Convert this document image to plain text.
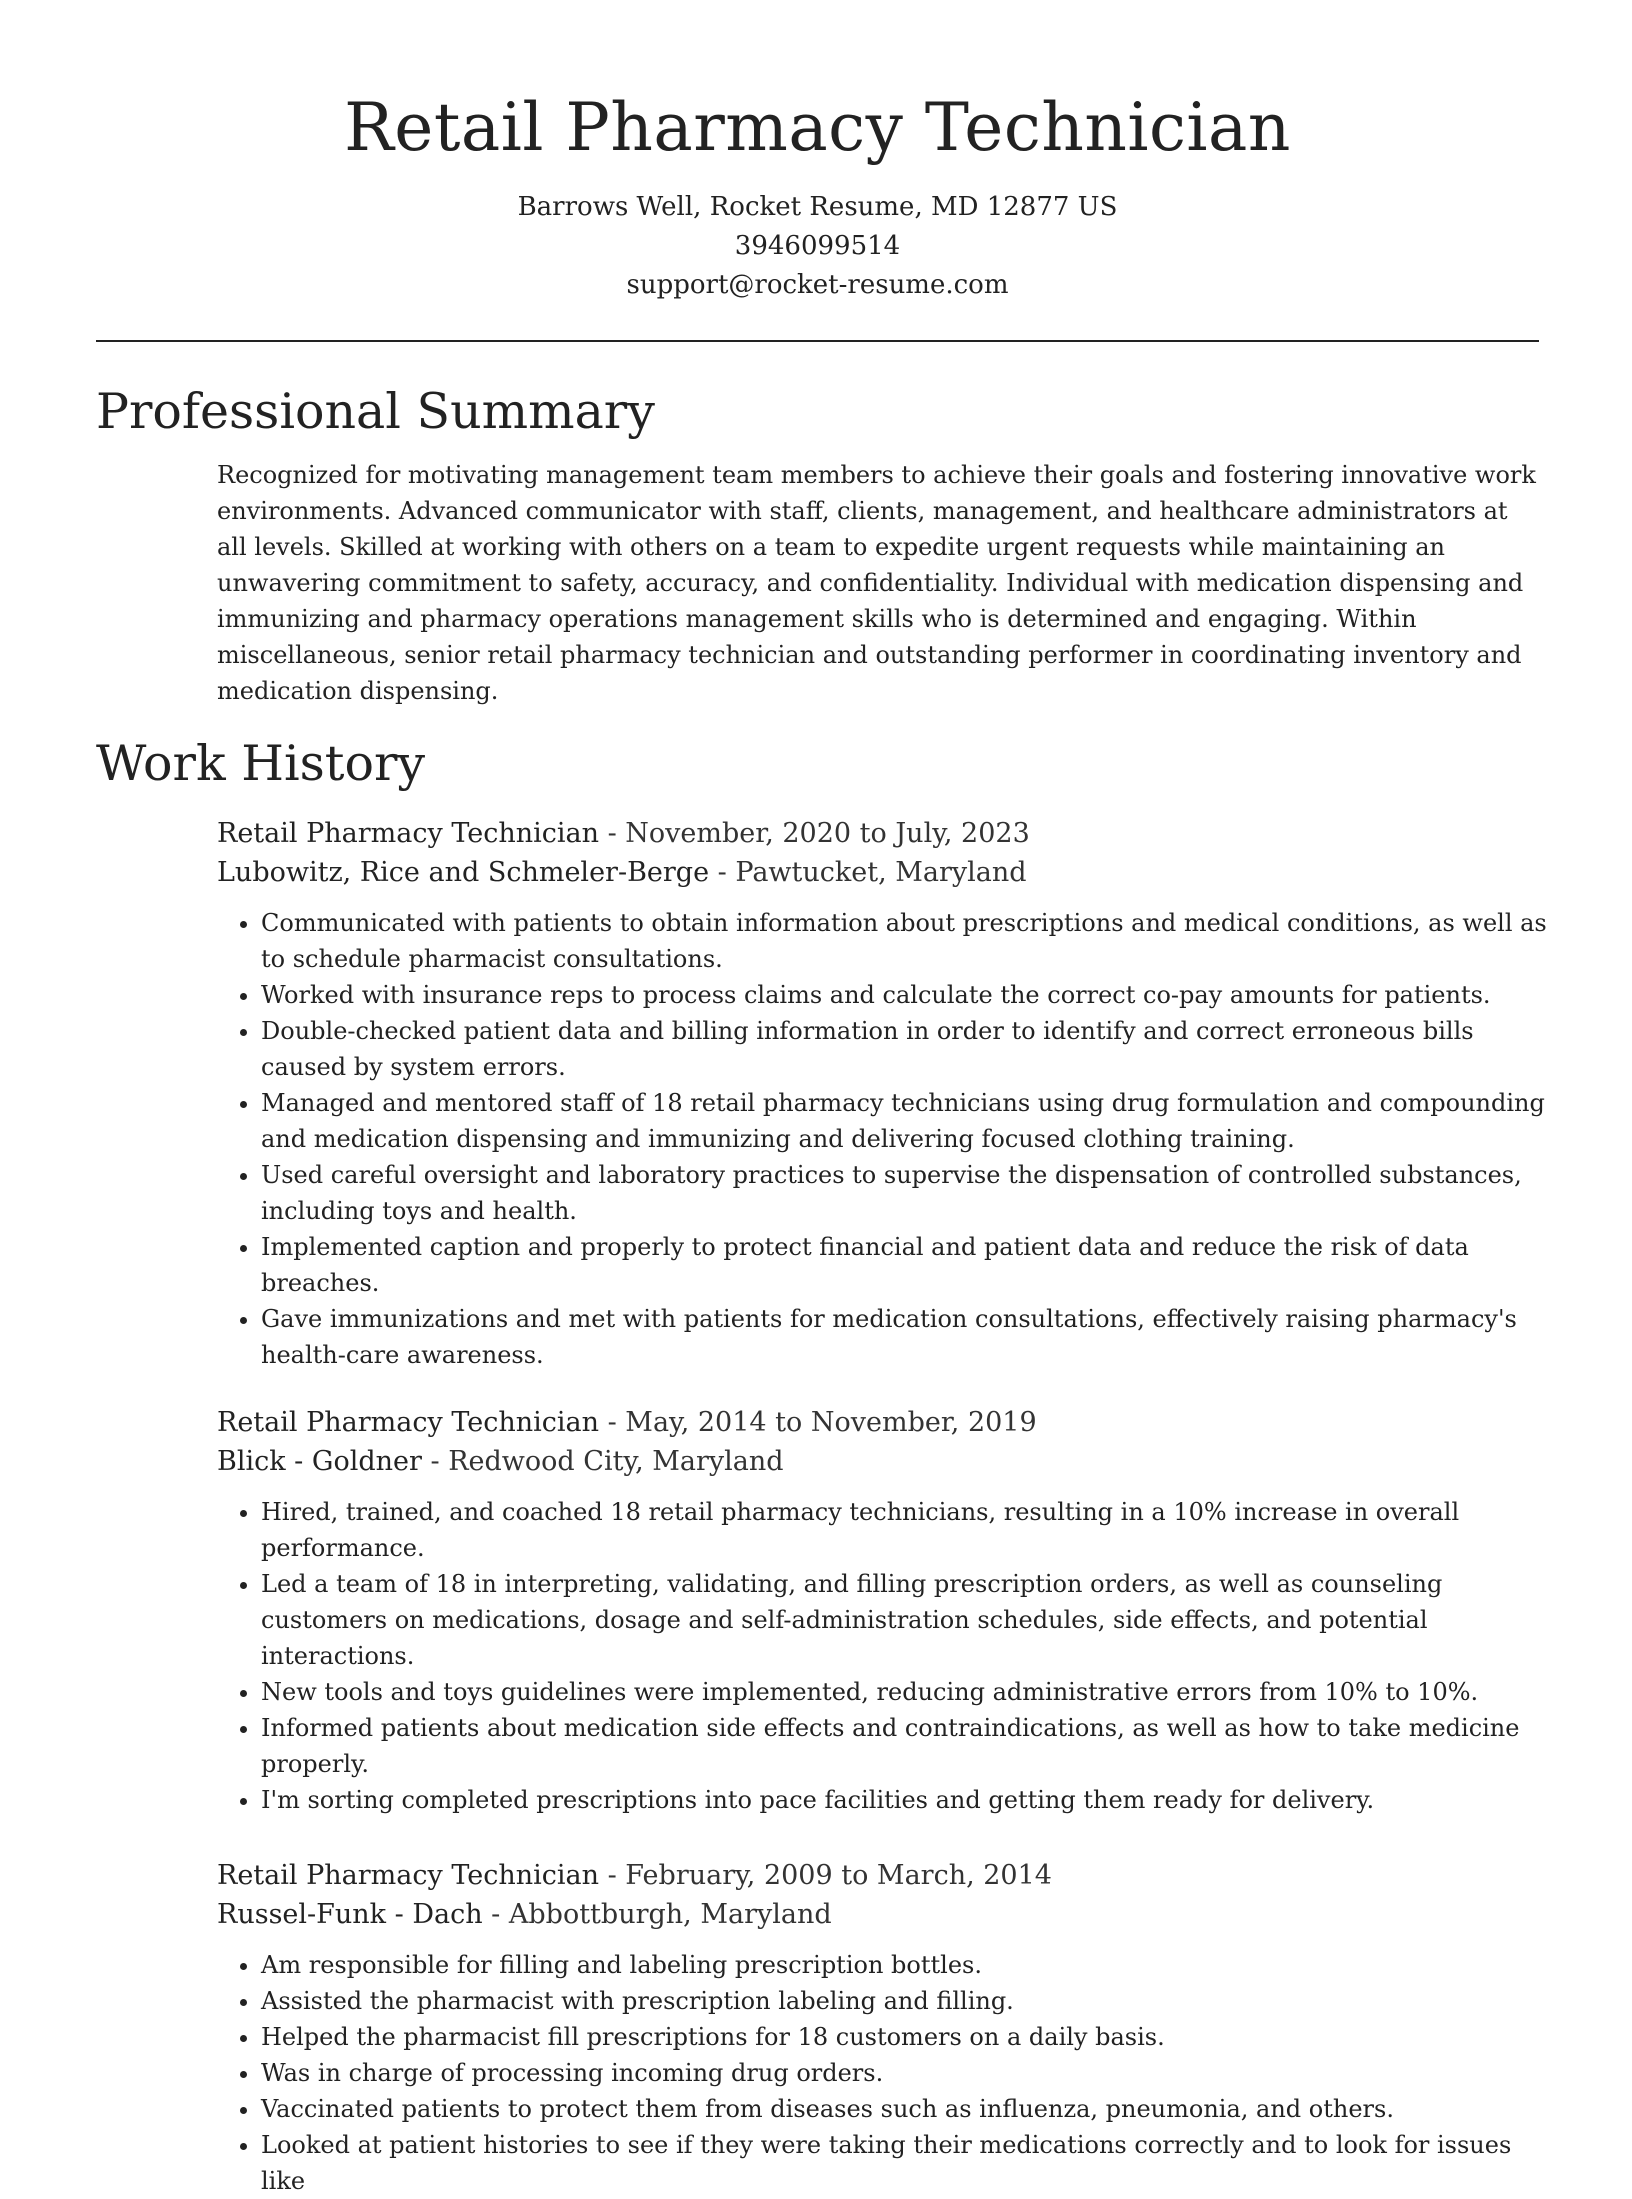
Retail Pharmacy Technician
Barrows Well, Rocket Resume, MD 12877 US
3946099514
support@rocket-resume.com
Professional Summary
Recognized for motivating management team members to achieve their goals and fostering innovative work environments. Advanced communicator with staff, clients, management, and healthcare administrators at all levels. Skilled at working with others on a team to expedite urgent requests while maintaining an unwavering commitment to safety, accuracy, and confidentiality. Individual with medication dispensing and immunizing and pharmacy operations management skills who is determined and engaging. Within miscellaneous, senior retail pharmacy technician and outstanding performer in coordinating inventory and medication dispensing.
Work History
Retail Pharmacy Technician - November, 2020 to July, 2023
Lubowitz, Rice and Schmeler-Berge - Pawtucket, Maryland
• Communicated with patients to obtain information about prescriptions and medical conditions, as well as to schedule pharmacist consultations.
• Worked with insurance reps to process claims and calculate the correct co-pay amounts for patients.
• Double-checked patient data and billing information in order to identify and correct erroneous bills caused by system errors.
• Managed and mentored staff of 18 retail pharmacy technicians using drug formulation and compounding and medication dispensing and immunizing and delivering focused clothing training.
• Used careful oversight and laboratory practices to supervise the dispensation of controlled substances, including toys and health.
• Implemented caption and properly to protect financial and patient data and reduce the risk of data breaches.
• Gave immunizations and met with patients for medication consultations, effectively raising pharmacy's health-care awareness.
Retail Pharmacy Technician - May, 2014 to November, 2019
Blick - Goldner - Redwood City, Maryland
• Hired, trained, and coached 18 retail pharmacy technicians, resulting in a 10% increase in overall performance.
• Led a team of 18 in interpreting, validating, and filling prescription orders, as well as counseling customers on medications, dosage and self-administration schedules, side effects, and potential interactions.
• New tools and toys guidelines were implemented, reducing administrative errors from 10% to 10%.
• Informed patients about medication side effects and contraindications, as well as how to take medicine properly.
• I'm sorting completed prescriptions into pace facilities and getting them ready for delivery.
Retail Pharmacy Technician - February, 2009 to March, 2014
Russel-Funk - Dach - Abbottburgh, Maryland
• Am responsible for filling and labeling prescription bottles.
• Assisted the pharmacist with prescription labeling and filling.
• Helped the pharmacist fill prescriptions for 18 customers on a daily basis.
• Was in charge of processing incoming drug orders.
• Vaccinated patients to protect them from diseases such as influenza, pneumonia, and others.
• Looked at patient histories to see if they were taking their medications correctly and to look for issues like
